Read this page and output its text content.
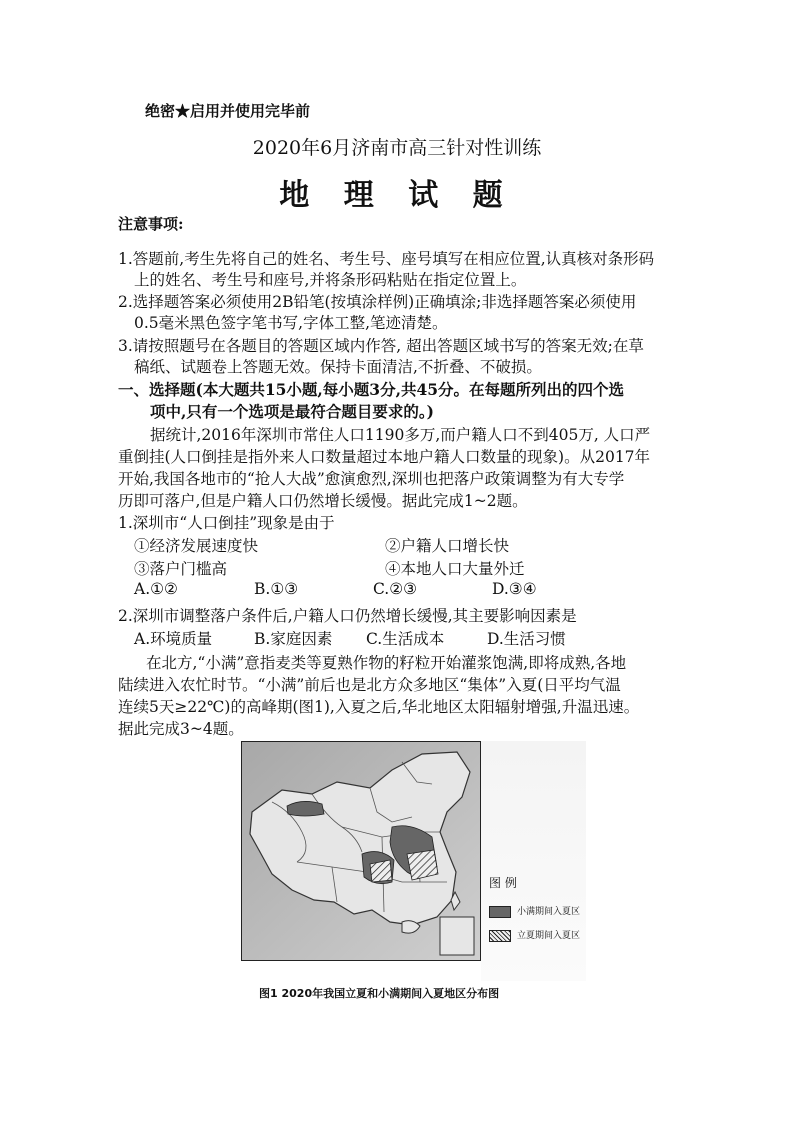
绝密★启用并使用完毕前
2020年6月济南市高三针对性训练
地 理 试 题
注意事项:
1.答题前,考生先将自己的姓名、考生号、座号填写在相应位置,认真核对条形码
上的姓名、考生号和座号,并将条形码粘贴在指定位置上。
2.选择题答案必须使用2B铅笔(按填涂样例)正确填涂;非选择题答案必须使用
0.5毫米黑色签字笔书写,字体工整,笔迹清楚。
3.请按照题号在各题目的答题区域内作答, 超出答题区域书写的答案无效;在草
稿纸、试题卷上答题无效。保持卡面清洁,不折叠、不破损。
一、选择题(本大题共15小题,每小题3分,共45分。在每题所列出的四个选
项中,只有一个选项是最符合题目要求的。)
据统计,2016年深圳市常住人口1190多万,而户籍人口不到405万, 人口严
重倒挂(人口倒挂是指外来人口数量超过本地户籍人口数量的现象)。从2017年
开始,我国各地市的“抢人大战”愈演愈烈,深圳也把落户政策调整为有大专学
历即可落户,但是户籍人口仍然增长缓慢。据此完成1~2题。
1.深圳市“人口倒挂”现象是由于
①经济发展速度快	②户籍人口增长快
③落户门槛高	④本地人口大量外迁
A.①②	B.①③	C.②③	D.③④
2.深圳市调整落户条件后,户籍人口仍然增长缓慢,其主要影响因素是
A.环境质量	B.家庭因素 C.生活成本	D.生活习惯
在北方,“小满”意指麦类等夏熟作物的籽粒开始灌浆饱满,即将成熟,各地
陆续进入农忙时节。“小满”前后也是北方众多地区“集体”入夏(日平均气温
连续5天≥22℃)的高峰期(图1),入夏之后,华北地区太阳辐射增强,升温迅速。
据此完成3~4题。
图 例
小满期间入夏区
立夏期间入夏区
图1 2020年我国立夏和小满期间入夏地区分布图
